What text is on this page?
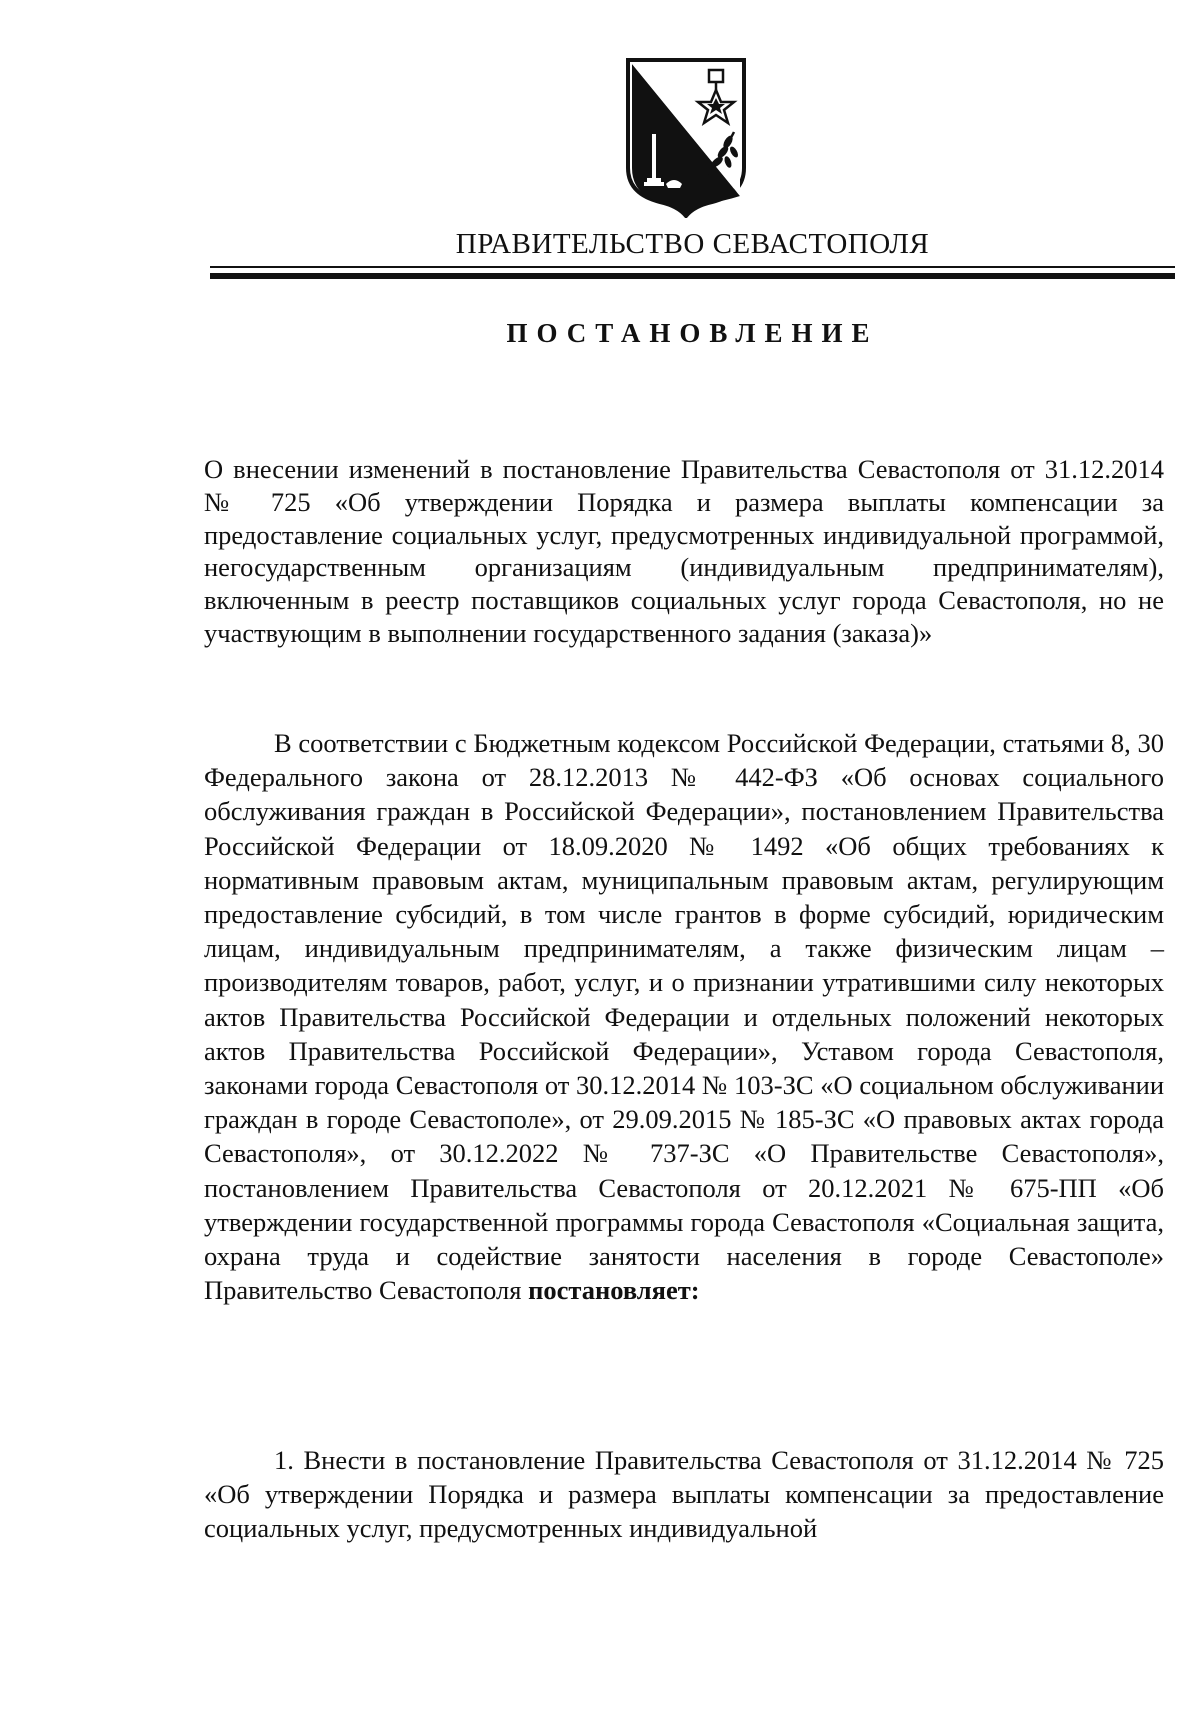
ПРАВИТЕЛЬСТВО СЕВАСТОПОЛЯ
ПОСТАНОВЛЕНИЕ
О внесении изменений в постановление Правительства Севастополя от 31.12.2014 № 725 «Об утверждении Порядка и размера выплаты компенсации за предоставление социальных услуг, предусмотренных индивидуальной программой, негосударственным организациям (индивидуальным предпринимателям), включенным в реестр поставщиков социальных услуг города Севастополя, но не участвующим в выполнении государственного задания (заказа)»
В соответствии с Бюджетным кодексом Российской Федерации, статьями 8, 30 Федерального закона от 28.12.2013 № 442-ФЗ «Об основах социального обслуживания граждан в Российской Федерации», постановлением Правительства Российской Федерации от 18.09.2020 № 1492 «Об общих требованиях к нормативным правовым актам, муниципальным правовым актам, регулирующим предоставление субсидий, в том числе грантов в форме субсидий, юридическим лицам, индивидуальным предпринимателям, а также физическим лицам – производителям товаров, работ, услуг, и о признании утратившими силу некоторых актов Правительства Российской Федерации и отдельных положений некоторых актов Правительства Российской Федерации», Уставом города Севастополя, законами города Севастополя от 30.12.2014 № 103-ЗС «О социальном обслуживании граждан в городе Севастополе», от 29.09.2015 № 185-ЗС «О правовых актах города Севастополя», от 30.12.2022 № 737-ЗС «О Правительстве Севастополя», постановлением Правительства Севастополя от 20.12.2021 № 675-ПП «Об утверждении государственной программы города Севастополя «Социальная защита, охрана труда и содействие занятости населения в городе Севастополе» Правительство Севастополя постановляет:
1. Внести в постановление Правительства Севастополя от 31.12.2014 № 725 «Об утверждении Порядка и размера выплаты компенсации за предоставление социальных услуг, предусмотренных индивидуальной
